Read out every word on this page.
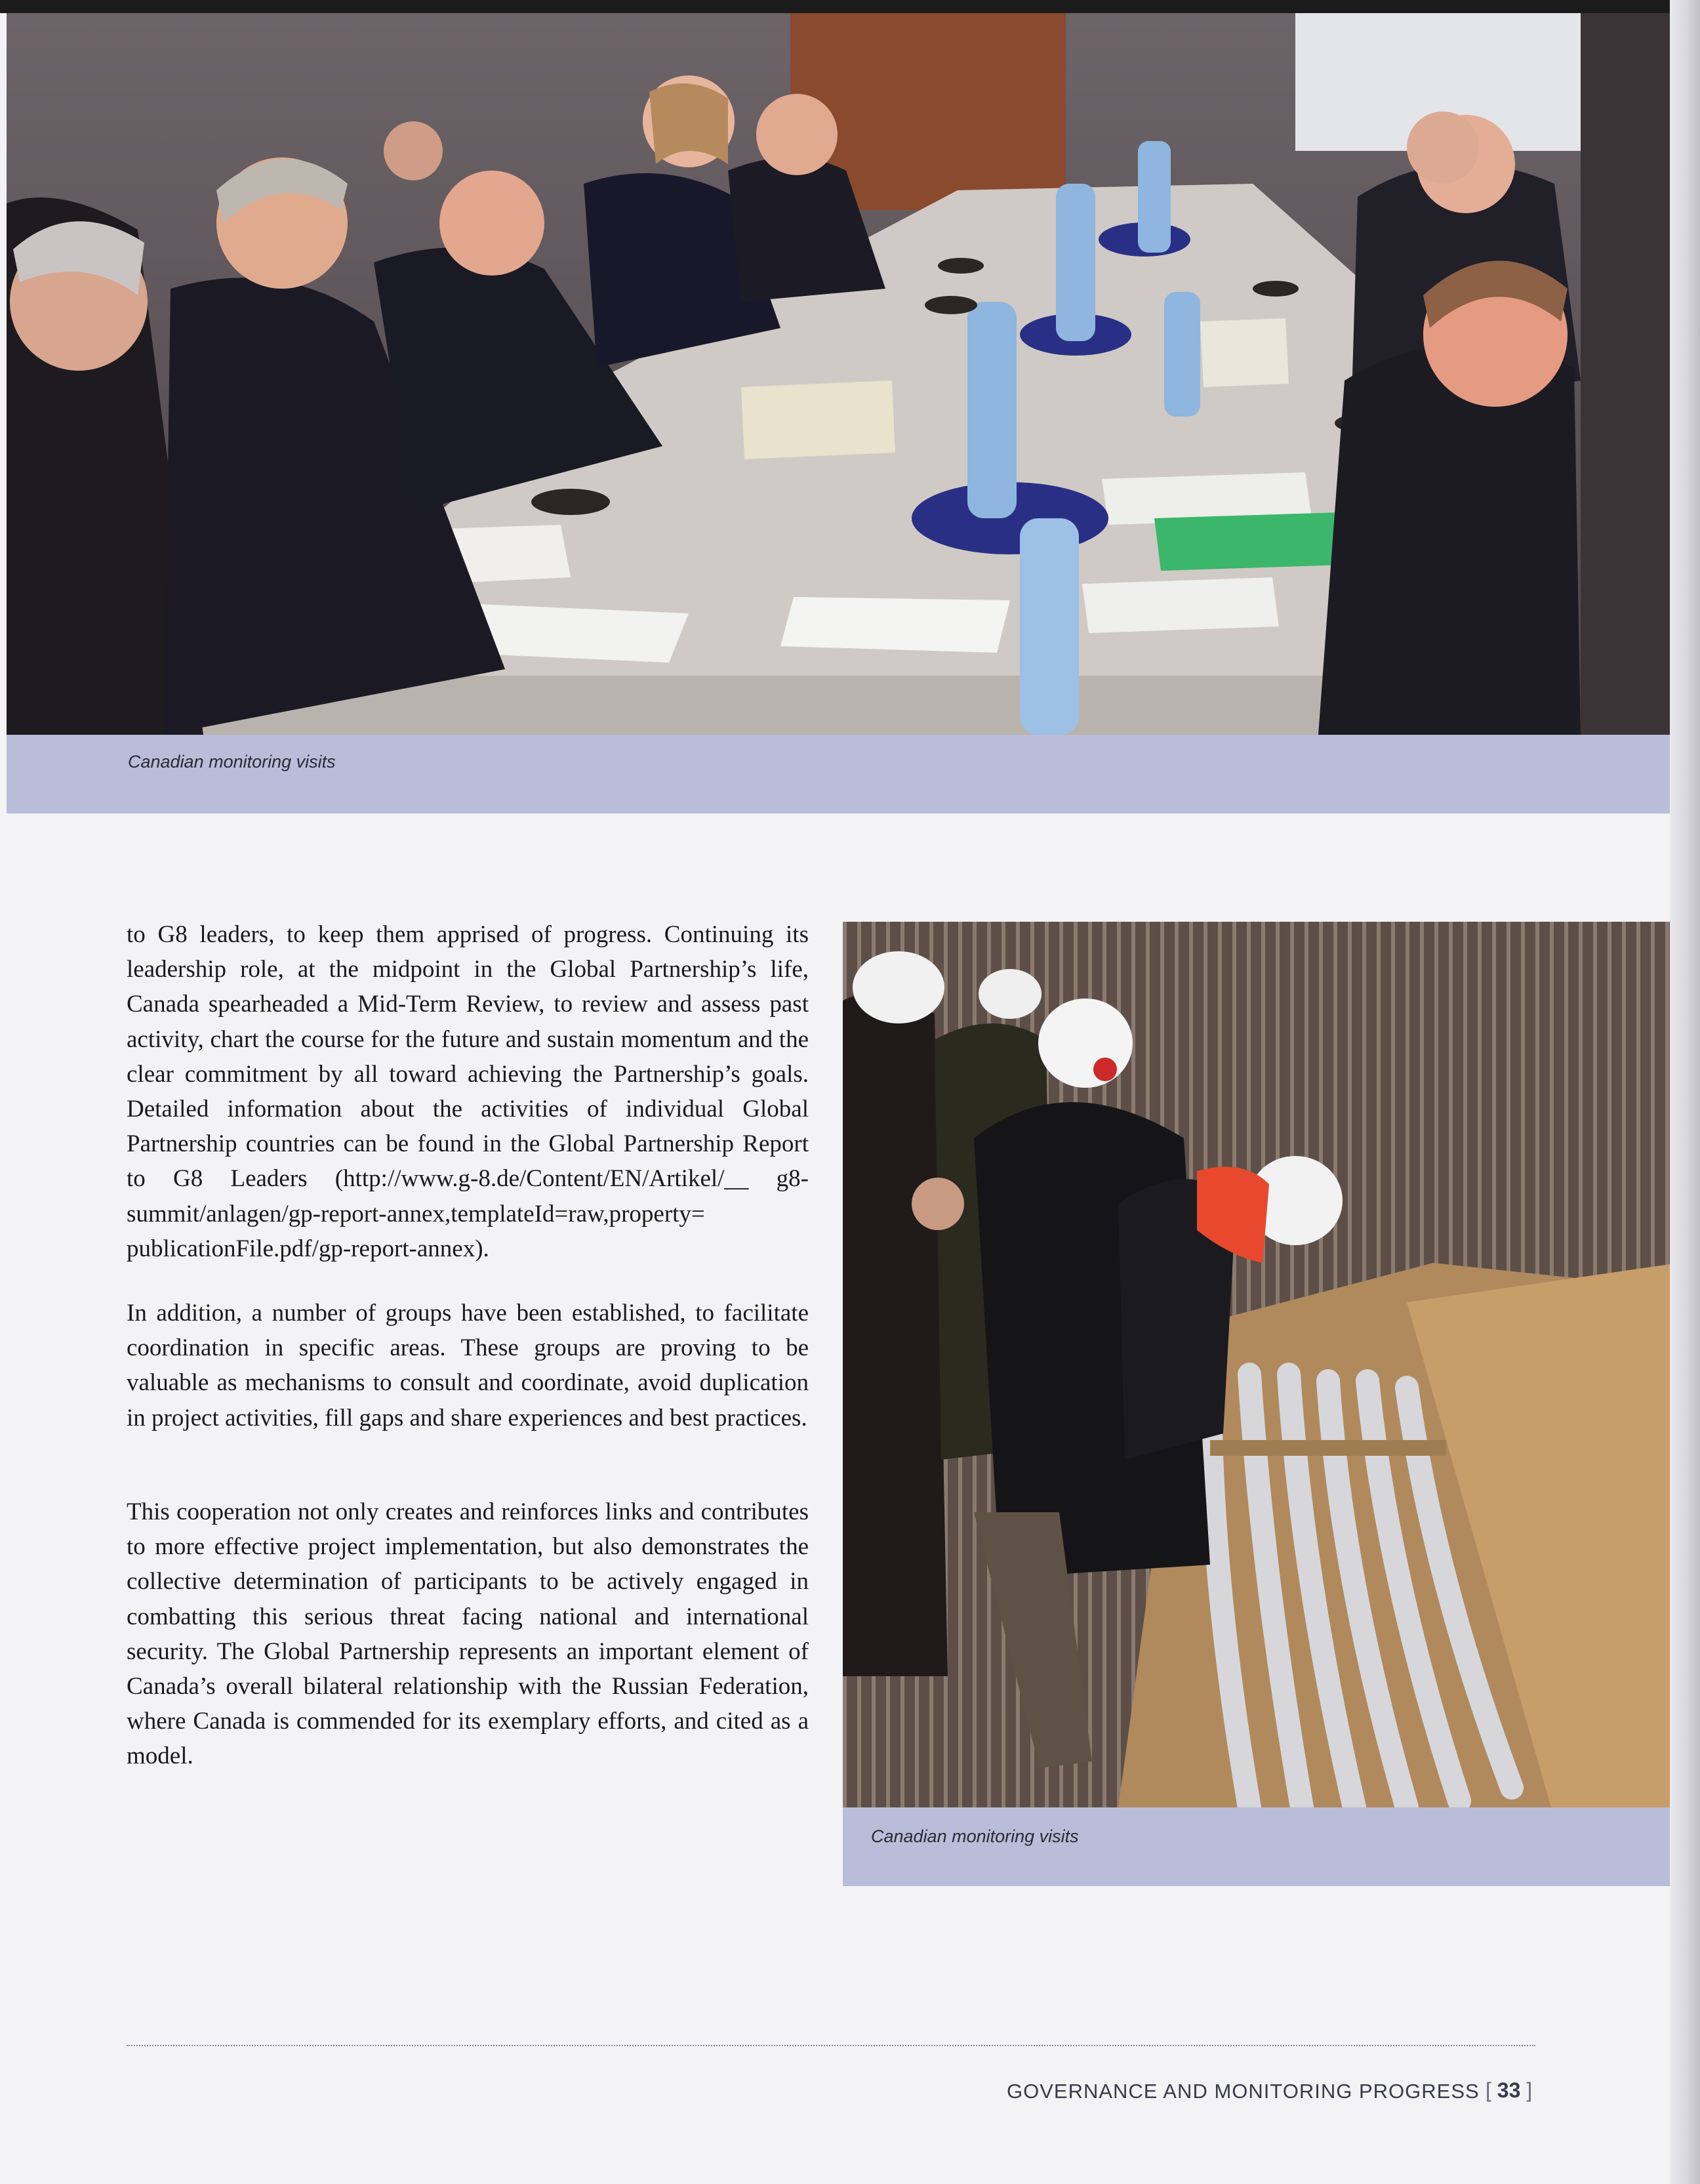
Canadian monitoring visits
Canadian monitoring visits

to G8 leaders, to keep them apprised of progress. Continuing its leadership role, at the midpoint in the Global Partnership’s life, Canada spearheaded a Mid-Term Review, to review and assess past activity, chart the course for the future and sustain momentum and the clear commitment by all toward achieving the Partnership’s goals. Detailed information about the activities of individual Global Partnership countries can be found in the Global Partnership Report to G8 Leaders (http://www.g-8.de/Content/EN/Artikel/__ g8-summit/anlagen/gp-report-annex,templateId=raw,property= publicationFile.pdf/gp-report-annex).

In addition, a number of groups have been established, to facilitate coordination in specific areas. These groups are proving to be valuable as mechanisms to consult and coordinate, avoid duplication in project activities, fill gaps and share experiences and best practices.

This cooperation not only creates and reinforces links and contributes to more effective project implementation, but also demonstrates the collective determination of participants to be actively engaged in combatting this serious threat facing national and international security. The Global Partnership represents an important element of Canada’s overall bilateral relationship with the Russian Federation, where Canada is commended for its exemplary efforts, and cited as a model.

GOVERNANCE AND MONITORING PROGRESS [ 33 ]
